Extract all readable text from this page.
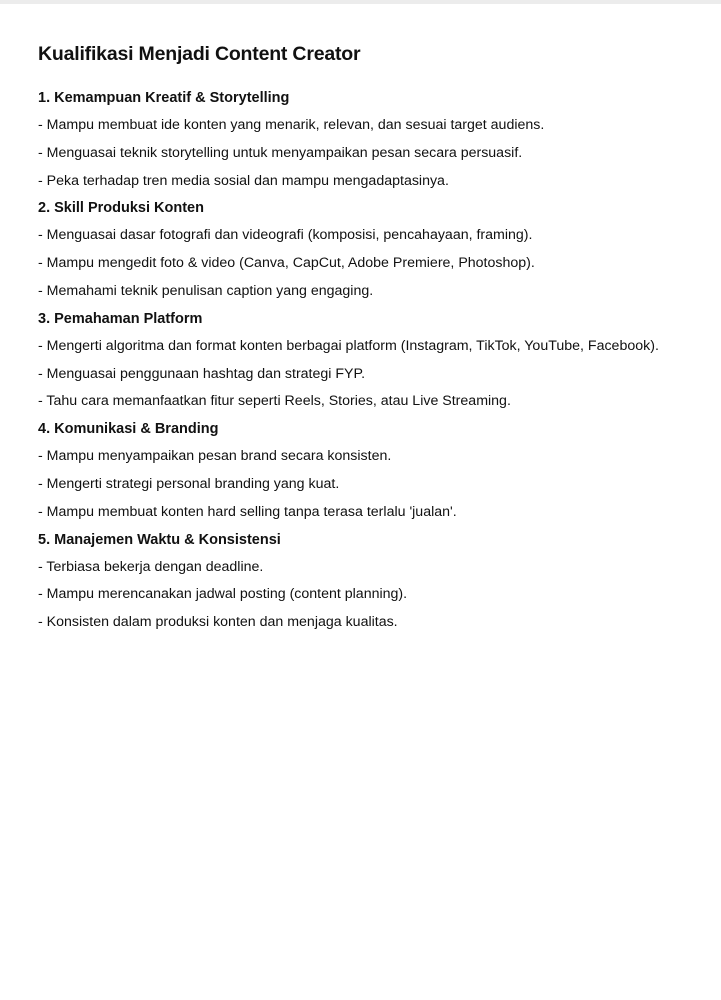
Kualifikasi Menjadi Content Creator
1. Kemampuan Kreatif & Storytelling
- Mampu membuat ide konten yang menarik, relevan, dan sesuai target audiens.
- Menguasai teknik storytelling untuk menyampaikan pesan secara persuasif.
- Peka terhadap tren media sosial dan mampu mengadaptasinya.
2. Skill Produksi Konten
- Menguasai dasar fotografi dan videografi (komposisi, pencahayaan, framing).
- Mampu mengedit foto & video (Canva, CapCut, Adobe Premiere, Photoshop).
- Memahami teknik penulisan caption yang engaging.
3. Pemahaman Platform
- Mengerti algoritma dan format konten berbagai platform (Instagram, TikTok, YouTube, Facebook).
- Menguasai penggunaan hashtag dan strategi FYP.
- Tahu cara memanfaatkan fitur seperti Reels, Stories, atau Live Streaming.
4. Komunikasi & Branding
- Mampu menyampaikan pesan brand secara konsisten.
- Mengerti strategi personal branding yang kuat.
- Mampu membuat konten hard selling tanpa terasa terlalu 'jualan'.
5. Manajemen Waktu & Konsistensi
- Terbiasa bekerja dengan deadline.
- Mampu merencanakan jadwal posting (content planning).
- Konsisten dalam produksi konten dan menjaga kualitas.
